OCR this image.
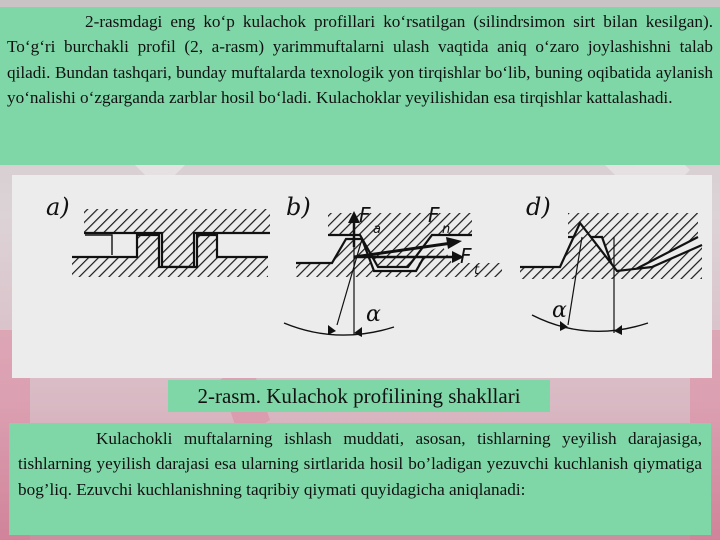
2-rasmdagi eng ko‘p kulachok profillari ko‘rsatilgan (silindrsimon sirt bilan kesilgan). To‘g‘ri burchakli profil (2, a-rasm) yarimmuftalarni ulash vaqtida aniq o‘zaro joylashishni talab qiladi. Bundan tashqari, bunday muftalarda texnologik yon tirqishlar bo‘lib, buning oqibatida aylanish yo‘nalishi o‘zgarganda zarblar hosil bo‘ladi. Kulachoklar yeyilishidan esa tirqishlar kattalashadi.

a)	b) F
a
F
n
F
t
α
d)
α
2-rasm. Kulachok profilining shakllari

Kulachokli muftalarning ishlash muddati, asosan, tishlarning yeyilish darajasiga, tishlarning yeyilish darajasi esa ularning sirtlarida hosil bo’ladigan yezuvchi kuchlanish qiymatiga bog’liq. Ezuvchi kuchlanishning taqribiy qiymati quyidagicha aniqlanadi:
